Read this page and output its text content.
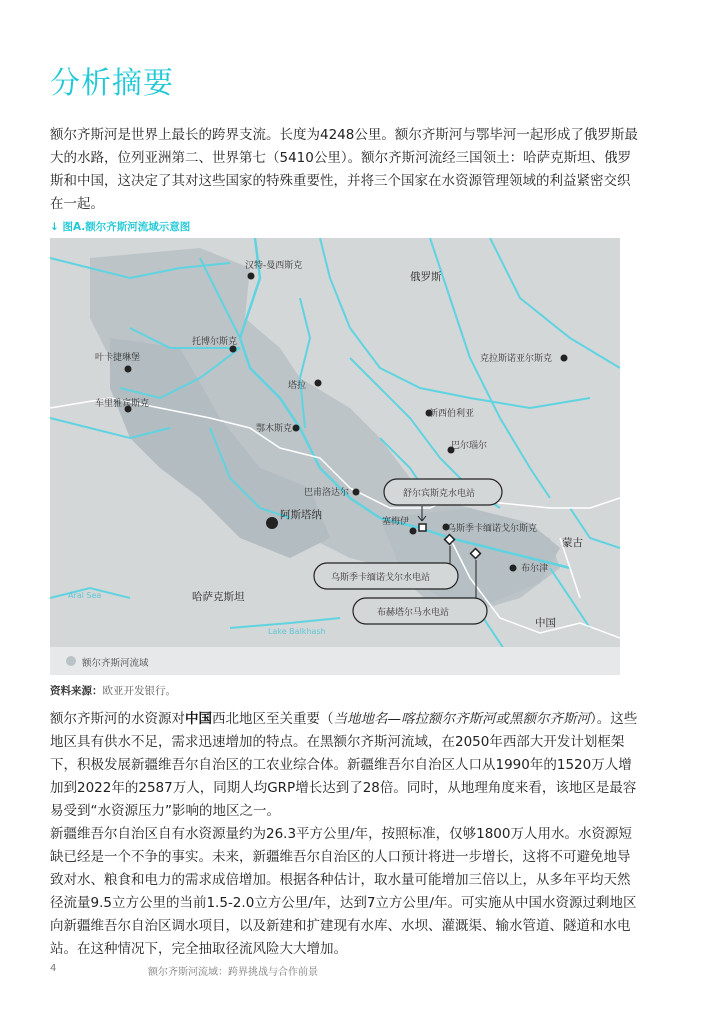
分析摘要

额尔齐斯河是世界上最长的跨界支流。长度为4248公里。额尔齐斯河与鄂毕河一起形成了俄罗斯最大的水路，位列亚洲第二、世界第七（5410公里）。额尔齐斯河流经三国领土：哈萨克斯坦、俄罗斯和中国，这决定了其对这些国家的特殊重要性，并将三个国家在水资源管理领域的利益紧密交织在一起。

↓ 图A.额尔齐斯河流域示意图
Aral Sea
Lake Balkhash
俄罗斯
哈萨克斯坦
蒙古
中国
汉特-曼西斯克
托博尔斯克
叶卡捷琳堡
车里雅宾斯克
塔拉
鄂木斯克
新西伯利亚
巴尔瑙尔
克拉斯诺亚尔斯克
巴甫洛达尔
阿斯塔纳
塞梅伊
乌斯季卡缅诺戈尔斯克
布尔津
舒尔宾斯克水电站
乌斯季卡缅诺戈尔水电站
布赫塔尔马水电站
额尔齐斯河流域
资料来源：欧亚开发银行。

额尔齐斯河的水资源对中国西北地区至关重要（当地地名—喀拉额尔齐斯河或黑额尔齐斯河）。这些地区具有供水不足，需求迅速增加的特点。在黑额尔齐斯河流域，在2050年西部大开发计划框架下，积极发展新疆维吾尔自治区的工农业综合体。新疆维吾尔自治区人口从1990年的1520万人增加到2022年的2587万人，同期人均GRP增长达到了28倍。同时，从地理角度来看，该地区是最容易受到“水资源压力”影响的地区之一。

新疆维吾尔自治区自有水资源量约为26.3平方公里/年，按照标准，仅够1800万人用水。水资源短缺已经是一个不争的事实。未来，新疆维吾尔自治区的人口预计将进一步增长，这将不可避免地导致对水、粮食和电力的需求成倍增加。根据各种估计，取水量可能增加三倍以上，从多年平均天然径流量9.5立方公里的当前1.5-2.0立方公里/年，达到7立方公里/年。可实施从中国水资源过剩地区向新疆维吾尔自治区调水项目，以及新建和扩建现有水库、水坝、灌溉渠、输水管道、隧道和水电站。在这种情况下，完全抽取径流风险大大增加。

4	额尔齐斯河流域：跨界挑战与合作前景
